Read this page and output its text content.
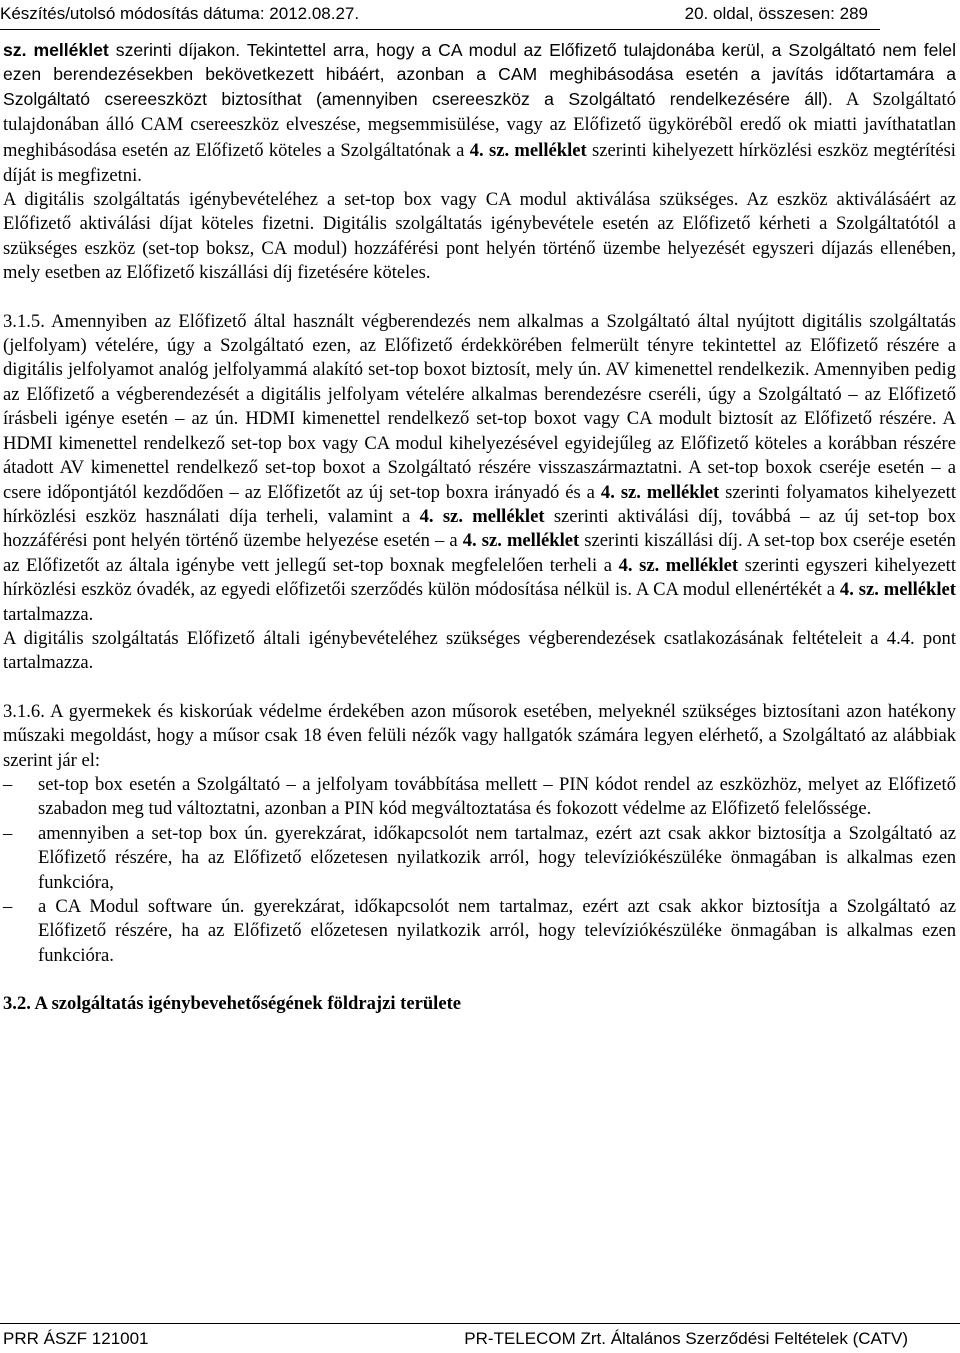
Készítés/utolsó módosítás dátuma: 2012.08.27.	20. oldal, összesen: 289

sz. melléklet szerinti díjakon. Tekintettel arra, hogy a CA modul az Előfizető tulajdonába kerül, a Szolgáltató nem felel ezen berendezésekben bekövetkezett hibáért, azonban a CAM meghibásodása esetén a javítás időtartamára a Szolgáltató csereeszközt biztosíthat (amennyiben csereeszköz a Szolgáltató rendelkezésére áll). A Szolgáltató tulajdonában álló CAM csereeszköz elveszése, megsemmisülése, vagy az Előfizető ügykörébõl eredő ok miatti javíthatatlan meghibásodása esetén az Előfizető köteles a Szolgáltatónak a 4. sz. melléklet szerinti kihelyezett hírközlési eszköz megtérítési díját is megfizetni.

A digitális szolgáltatás igénybevételéhez a set-top box vagy CA modul aktiválása szükséges. Az eszköz aktiválásáért az Előfizető aktiválási díjat köteles fizetni. Digitális szolgáltatás igénybevétele esetén az Előfizető kérheti a Szolgáltatótól a szükséges eszköz (set-top boksz, CA modul) hozzáférési pont helyén történő üzembe helyezését egyszeri díjazás ellenében, mely esetben az Előfizető kiszállási díj fizetésére köteles.

3.1.5. Amennyiben az Előfizető által használt végberendezés nem alkalmas a Szolgáltató által nyújtott digitális szolgáltatás (jelfolyam) vételére, úgy a Szolgáltató ezen, az Előfizető érdekkörében felmerült tényre tekintettel az Előfizető részére a digitális jelfolyamot analóg jelfolyammá alakító set-top boxot biztosít, mely ún. AV kimenettel rendelkezik. Amennyiben pedig az Előfizető a végberendezését a digitális jelfolyam vételére alkalmas berendezésre cseréli, úgy a Szolgáltató – az Előfizető írásbeli igénye esetén – az ún. HDMI kimenettel rendelkező set-top boxot vagy CA modult biztosít az Előfizető részére. A HDMI kimenettel rendelkező set-top box vagy CA modul kihelyezésével egyidejűleg az Előfizető köteles a korábban részére átadott AV kimenettel rendelkező set-top boxot a Szolgáltató részére visszaszármaztatni. A set-top boxok cseréje esetén – a csere időpontjától kezdődően – az Előfizetőt az új set-top boxra irányadó és a 4. sz. melléklet szerinti folyamatos kihelyezett hírközlési eszköz használati díja terheli, valamint a 4. sz. melléklet szerinti aktiválási díj, továbbá – az új set-top box hozzáférési pont helyén történő üzembe helyezése esetén – a 4. sz. melléklet szerinti kiszállási díj. A set-top box cseréje esetén az Előfizetőt az általa igénybe vett jellegű set-top boxnak megfelelően terheli a 4. sz. melléklet szerinti egyszeri kihelyezett hírközlési eszköz óvadék, az egyedi előfizetői szerződés külön módosítása nélkül is. A CA modul ellenértékét a 4. sz. melléklet tartalmazza.

A digitális szolgáltatás Előfizető általi igénybevételéhez szükséges végberendezések csatlakozásának feltételeit a 4.4. pont tartalmazza.

3.1.6. A gyermekek és kiskorúak védelme érdekében azon műsorok esetében, melyeknél szükséges biztosítani azon hatékony műszaki megoldást, hogy a műsor csak 18 éven felüli nézők vagy hallgatók számára legyen elérhető, a Szolgáltató az alábbiak szerint jár el:

– set-top box esetén a Szolgáltató – a jelfolyam továbbítása mellett – PIN kódot rendel az eszközhöz, melyet az Előfizető szabadon meg tud változtatni, azonban a PIN kód megváltoztatása és fokozott védelme az Előfizető felelőssége.
– amennyiben a set-top box ún. gyerekzárat, időkapcsolót nem tartalmaz, ezért azt csak akkor biztosítja a Szolgáltató az Előfizető részére, ha az Előfizető előzetesen nyilatkozik arról, hogy televíziókészüléke önmagában is alkalmas ezen funkcióra,
– a CA Modul software ún. gyerekzárat, időkapcsolót nem tartalmaz, ezért azt csak akkor biztosítja a Szolgáltató az Előfizető részére, ha az Előfizető előzetesen nyilatkozik arról, hogy televíziókészüléke önmagában is alkalmas ezen funkcióra.

3.2. A szolgáltatás igénybevehetőségének földrajzi területe

PRR ÁSZF 121001	PR-TELECOM Zrt. Általános Szerződési Feltételek (CATV)
